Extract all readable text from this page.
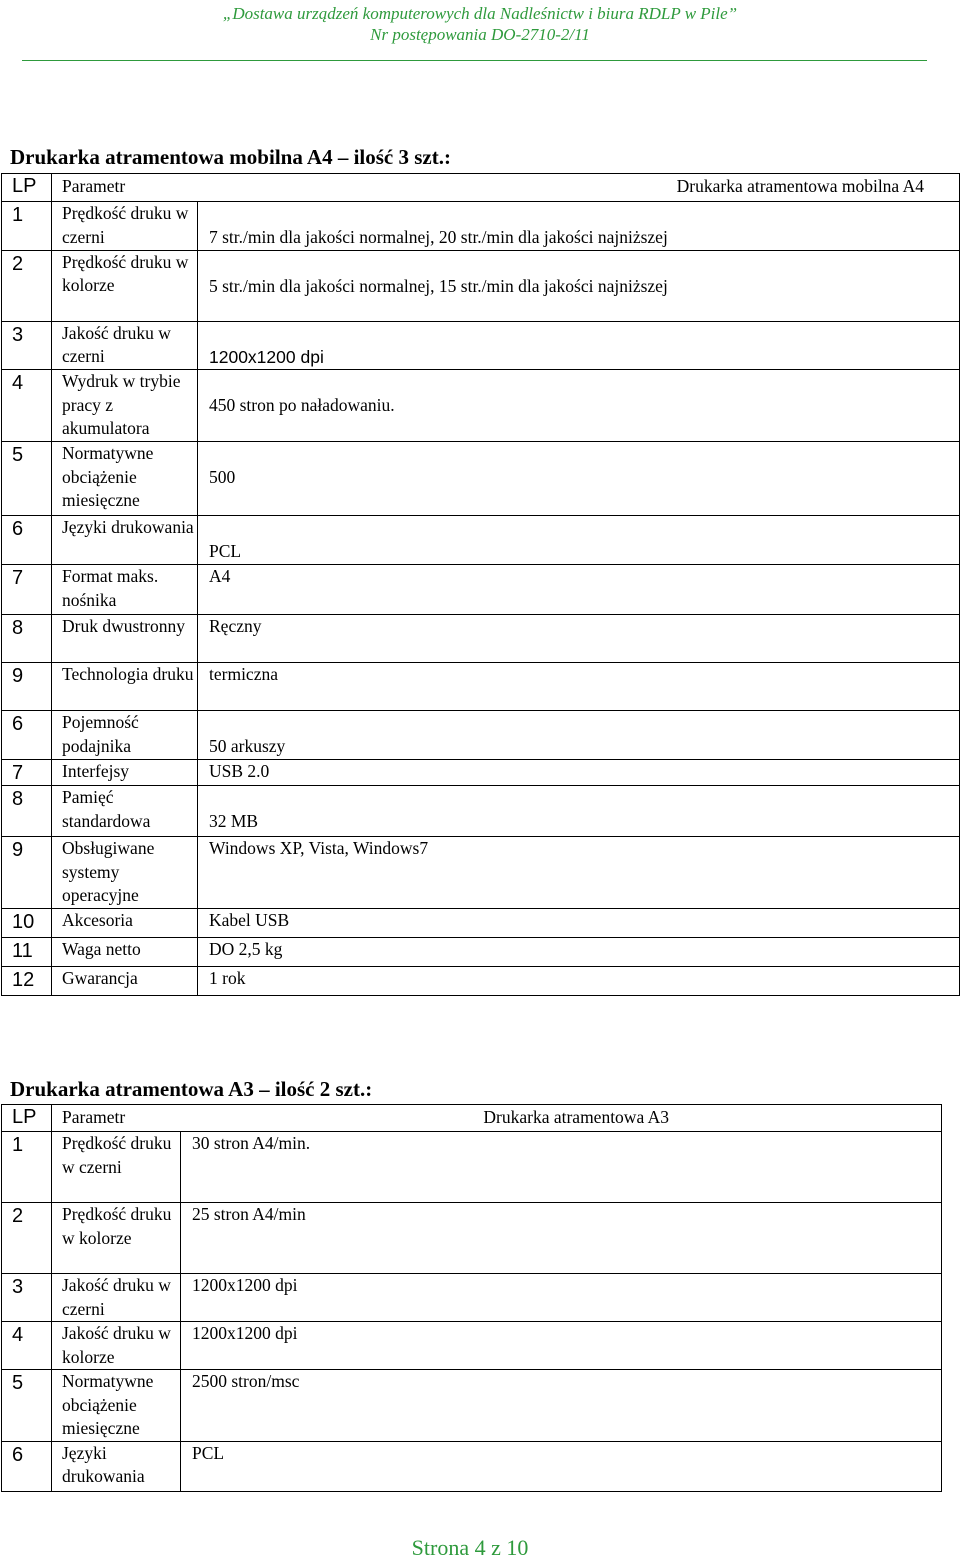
„Dostawa urządzeń komputerowych dla Nadleśnictw i biura RDLP w Pile”
Nr postępowania DO-2710-2/11
Drukarka atramentowa mobilna A4 – ilość 3 szt.:
LP	Parametr Drukarka atramentowa mobilna A4	

1	Prędkość druku w czerni	7 str./min dla jakości normalnej, 20 str./min dla jakości najniższej
2	Prędkość druku w kolorze	5 str./min dla jakości normalnej, 15 str./min dla jakości najniższej
3	Jakość druku w czerni	1200x1200 dpi
4	Wydruk w trybie pracy z akumulatora	450 stron po naładowaniu.
5	Normatywne obciążenie miesięczne	500
6	Języki drukowania	PCL
7	Format maks. nośnika	A4
8	Druk dwustronny	Ręczny
9	Technologia druku	termiczna
6	Pojemność podajnika	50 arkuszy
7	Interfejsy	USB 2.0
8	Pamięć standardowa	32 MB
9	Obsługiwane systemy operacyjne	Windows XP, Vista, Windows7
10	Akcesoria	Kabel USB
11	Waga netto	DO 2,5 kg
12	Gwarancja	1 rok
Drukarka atramentowa A3 – ilość 2 szt.:
LP	Parametr Drukarka atramentowa A3	

1	Prędkość druku w czerni	30 stron A4/min.
2	Prędkość druku w kolorze	25 stron A4/min
3	Jakość druku w czerni	1200x1200 dpi
4	Jakość druku w kolorze	1200x1200 dpi
5	Normatywne obciążenie miesięczne	2500 stron/msc
6	Języki drukowania	PCL
Strona 4 z 10
